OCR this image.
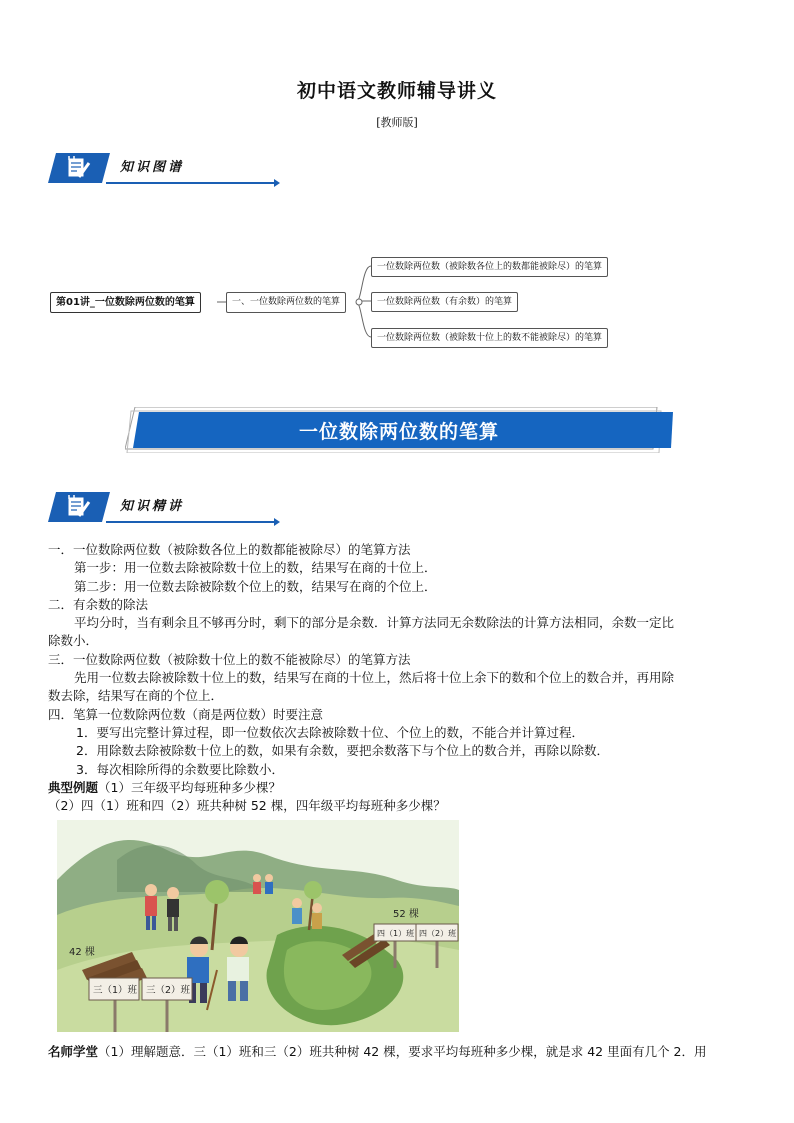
初中语文教师辅导讲义
[教师版]
知识图谱
第01讲_一位数除两位数的笔算	一、一位数除两位数的笔算
一位数除两位数（被除数各位上的数都能被除尽）的笔算
一位数除两位数（有余数）的笔算
一位数除两位数（被除数十位上的数不能被除尽）的笔算
一位数除两位数的笔算
知识精讲
一．一位数除两位数（被除数各位上的数都能被除尽）的笔算方法
第一步：用一位数去除被除数十位上的数，结果写在商的十位上．
第二步：用一位数去除被除数个位上的数，结果写在商的个位上．
二．有余数的除法
平均分时，当有剩余且不够再分时，剩下的部分是余数．计算方法同无余数除法的计算方法相同，余数一定比
除数小．
三．一位数除两位数（被除数十位上的数不能被除尽）的笔算方法
先用一位数去除被除数十位上的数，结果写在商的十位上，然后将十位上余下的数和个位上的数合并，再用除
数去除，结果写在商的个位上．
四．笔算一位数除两位数（商是两位数）时要注意
1．要写出完整计算过程，即一位数依次去除被除数十位、个位上的数，不能合并计算过程．
2．用除数去除被除数十位上的数，如果有余数，要把余数落下与个位上的数合并，再除以除数．
3．每次相除所得的余数要比除数小．
典型例题（1）三年级平均每班种多少棵？
（2）四（1）班和四（2）班共种树 52 棵，四年级平均每班种多少棵？
42 棵
52 棵
三（1）班 三（2）班
四（1）班 四（2）班
名师学堂（1）理解题意．三（1）班和三（2）班共种树 42 棵，要求平均每班种多少棵，就是求 42 里面有几个 2．用
